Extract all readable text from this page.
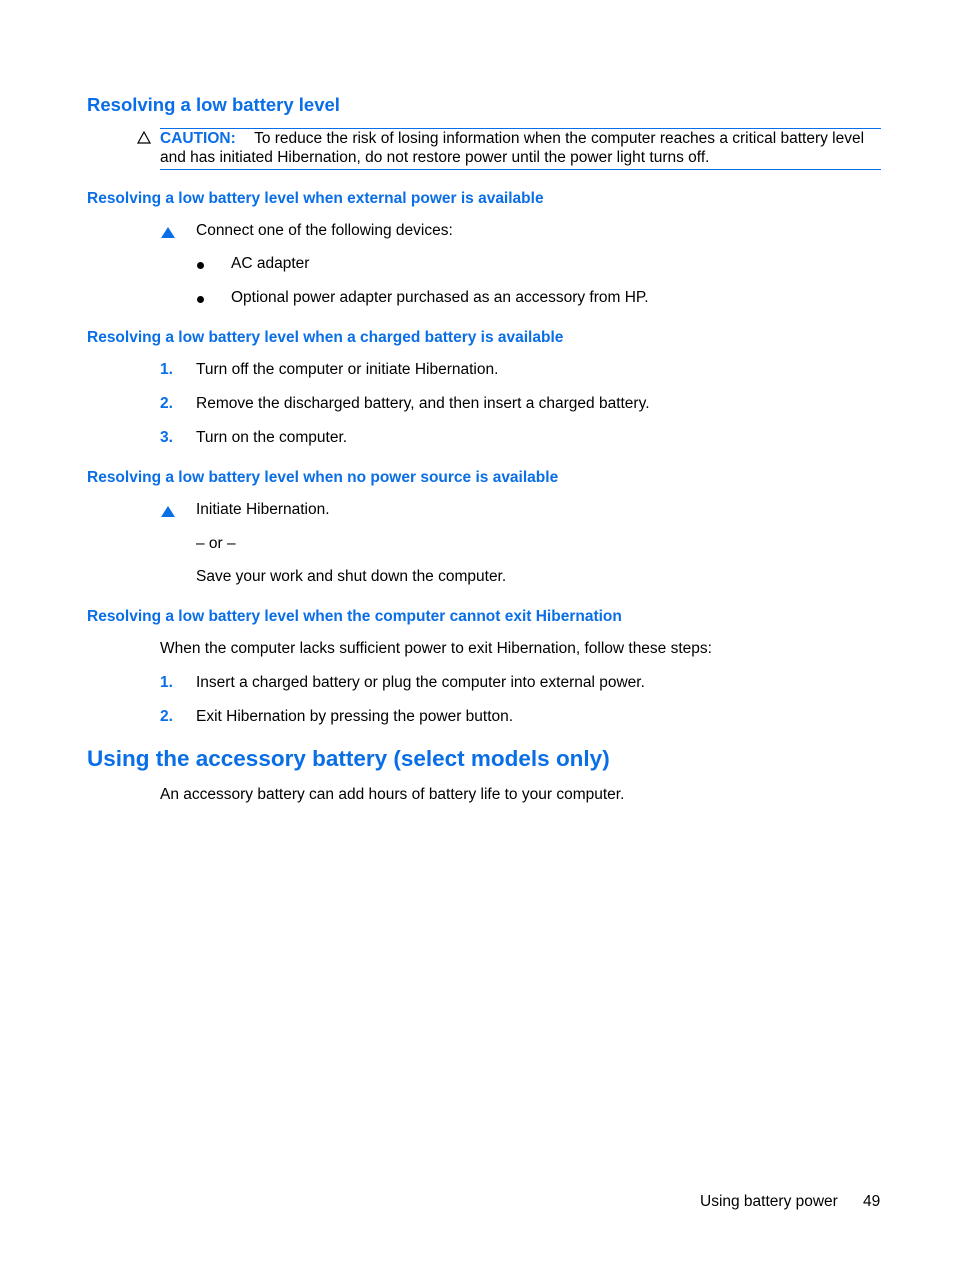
Resolving a low battery level
CAUTION: To reduce the risk of losing information when the computer reaches a critical battery level
and has initiated Hibernation, do not restore power until the power light turns off.
Resolving a low battery level when external power is available
Connect one of the following devices:
AC adapter
Optional power adapter purchased as an accessory from HP.
Resolving a low battery level when a charged battery is available
1. Turn off the computer or initiate Hibernation.
2. Remove the discharged battery, and then insert a charged battery.
3. Turn on the computer.
Resolving a low battery level when no power source is available
Initiate Hibernation.
– or –
Save your work and shut down the computer.
Resolving a low battery level when the computer cannot exit Hibernation
When the computer lacks sufficient power to exit Hibernation, follow these steps:
1. Insert a charged battery or plug the computer into external power.
2. Exit Hibernation by pressing the power button.
Using the accessory battery (select models only)
An accessory battery can add hours of battery life to your computer.
Using battery power 49
